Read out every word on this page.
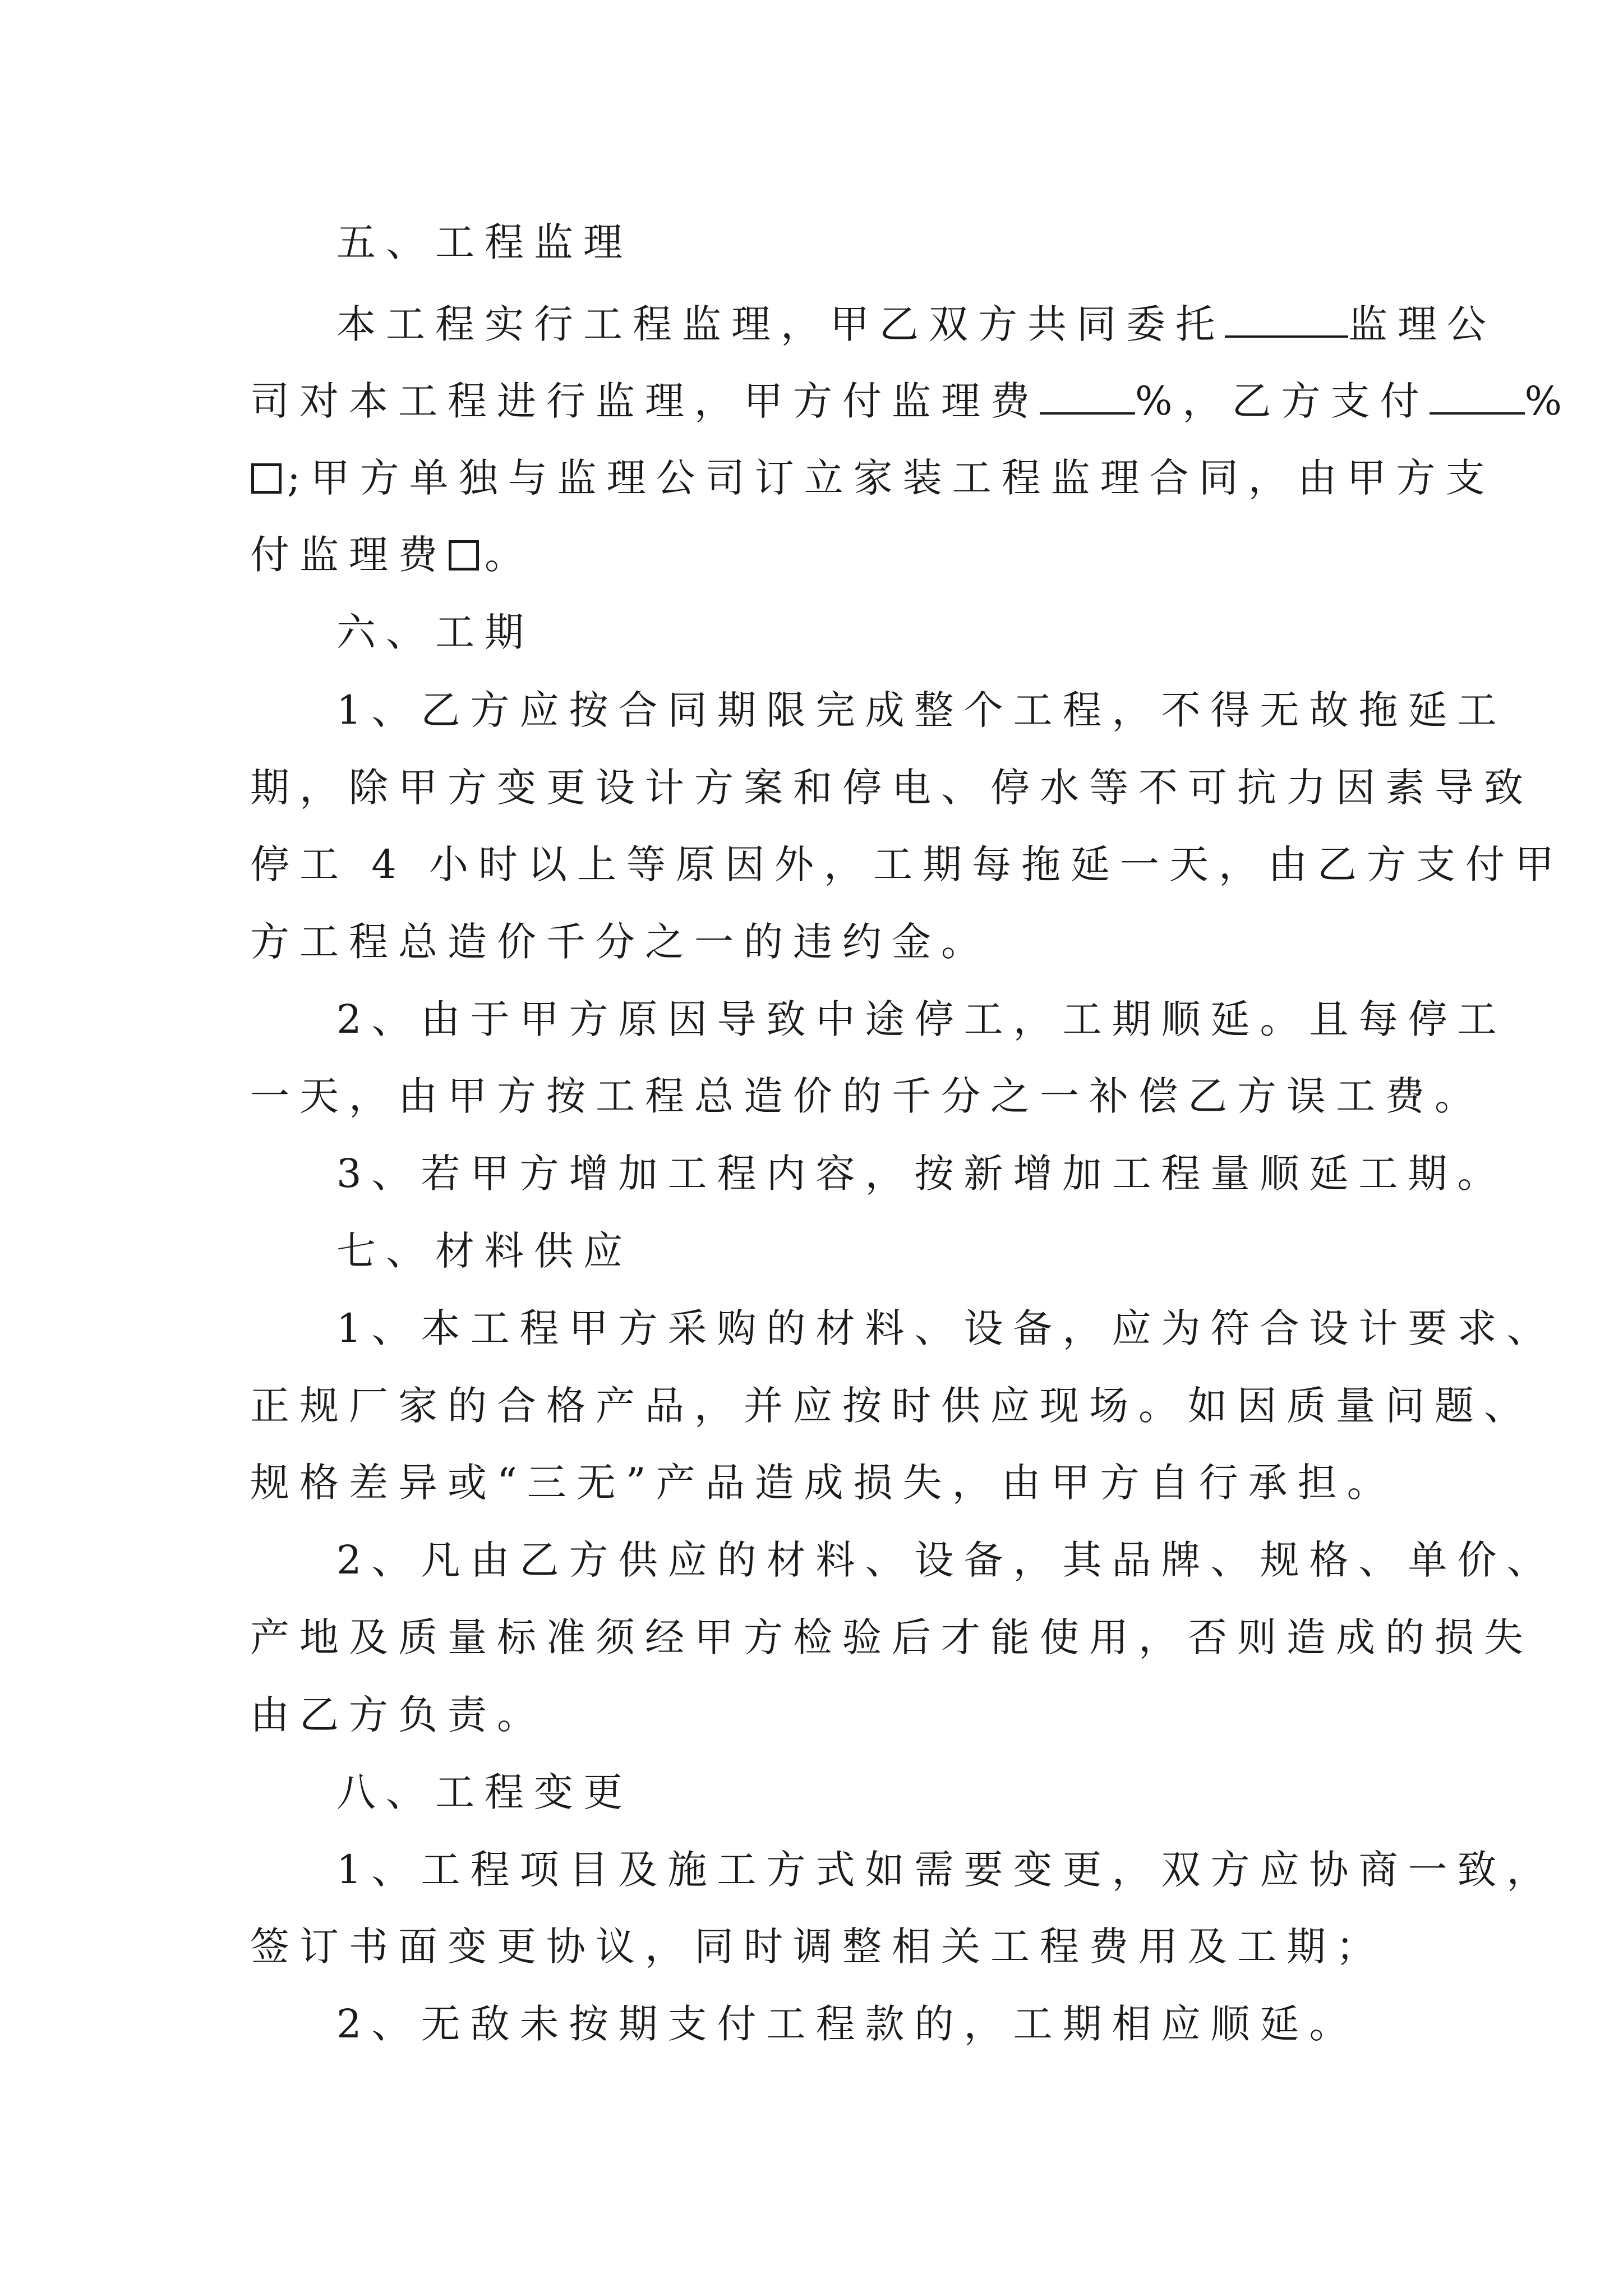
五、工程监理

本工程实行工程监理，甲乙双方共同委托	监理公

司对本工程进行监理，甲方付监理费 %，乙方支付 %

;甲方单独与监理公司订立家装工程监理合同，由甲方支

付监理费 。

六、工期

1、乙方应按合同期限完成整个工程，不得无故拖延工

期，除甲方变更设计方案和停电、停水等不可抗力因素导致

停工 4 小时以上等原因外，工期每拖延一天，由乙方支付甲

方工程总造价千分之一的违约金。

2、由于甲方原因导致中途停工，工期顺延。且每停工

一天，由甲方按工程总造价的千分之一补偿乙方误工费。

3、若甲方增加工程内容，按新增加工程量顺延工期。

七、材料供应

1、本工程甲方采购的材料、设备，应为符合设计要求、

正规厂家的合格产品，并应按时供应现场。如因质量问题、

规格差异或“三无”产品造成损失，由甲方自行承担。

2、凡由乙方供应的材料、设备，其品牌、规格、单价、

产地及质量标准须经甲方检验后才能使用，否则造成的损失

由乙方负责。

八、工程变更

1、工程项目及施工方式如需要变更，双方应协商一致，

签订书面变更协议，同时调整相关工程费用及工期；

2、无敌未按期支付工程款的，工期相应顺延。
